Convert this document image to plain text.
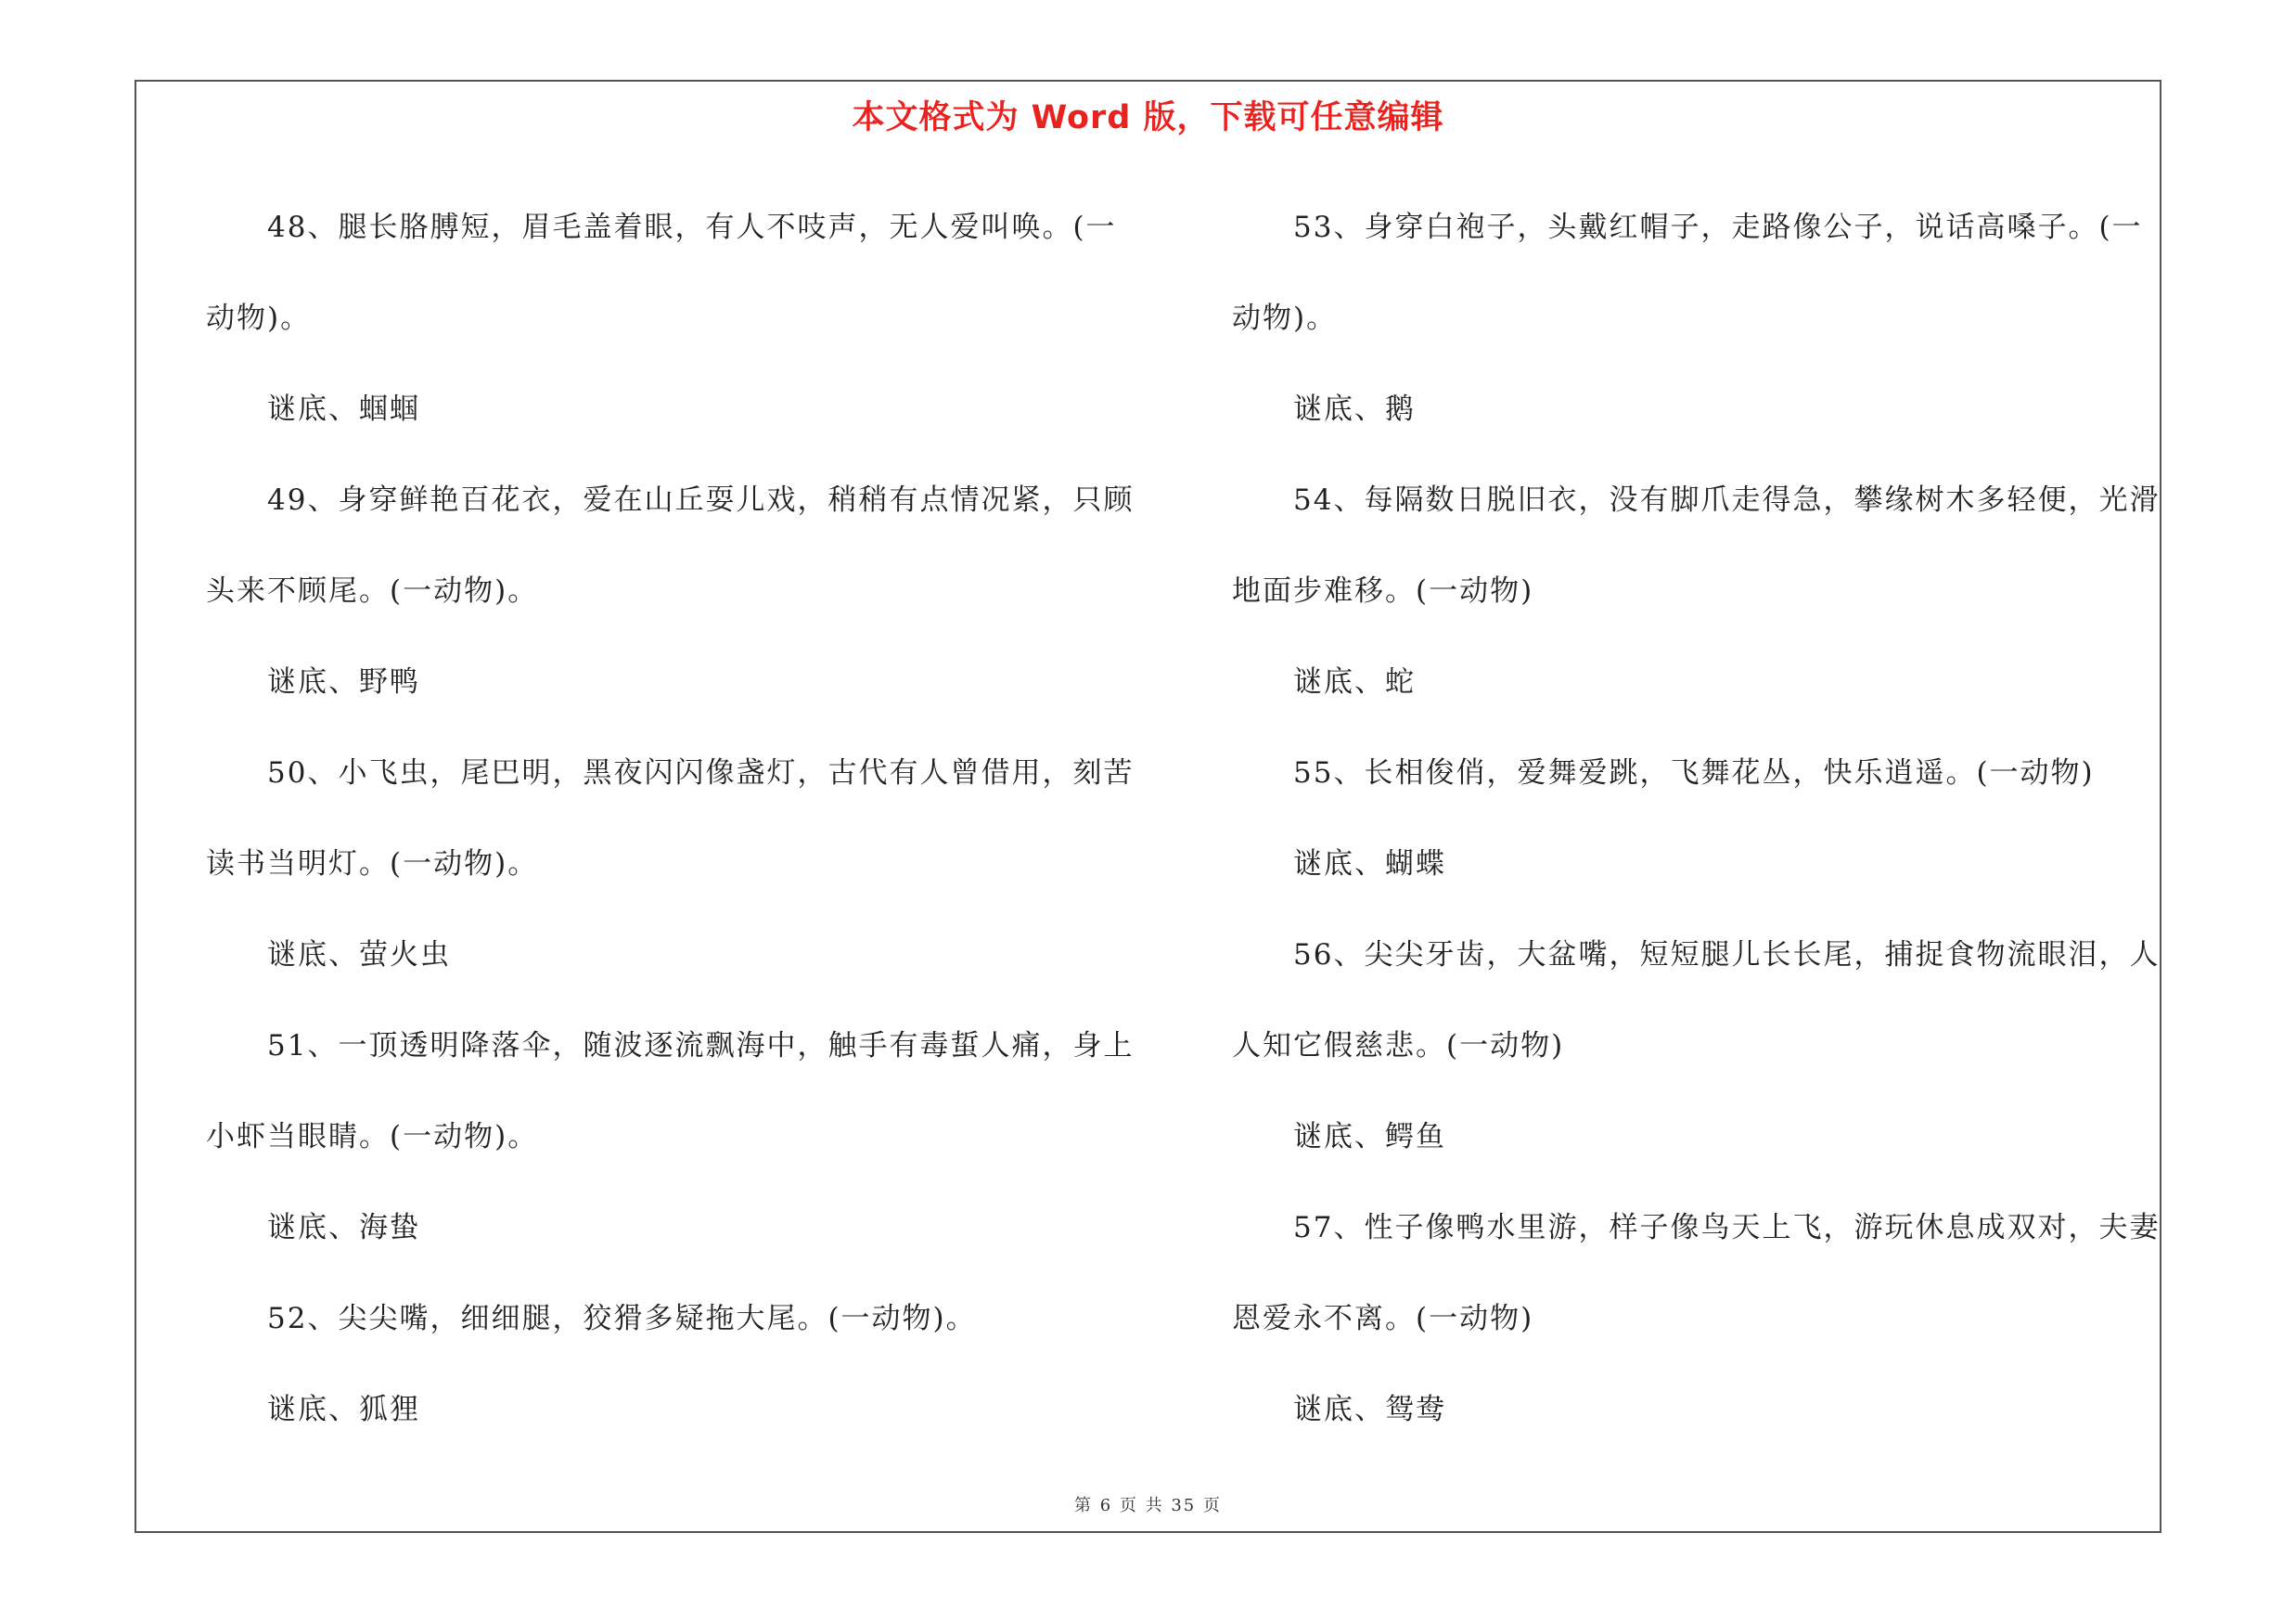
本文格式为 Word 版，下载可任意编辑
48、腿长胳膊短，眉毛盖着眼，有人不吱声，无人爱叫唤。(一
动物)。
谜底、蝈蝈
49、身穿鲜艳百花衣，爱在山丘耍儿戏，稍稍有点情况紧，只顾
头来不顾尾。(一动物)。
谜底、野鸭
50、小飞虫，尾巴明，黑夜闪闪像盏灯，古代有人曾借用，刻苦
读书当明灯。(一动物)。
谜底、萤火虫
51、一顶透明降落伞，随波逐流飘海中，触手有毒蜇人痛，身上
小虾当眼睛。(一动物)。
谜底、海蛰
52、尖尖嘴，细细腿，狡猾多疑拖大尾。(一动物)。
谜底、狐狸
53、身穿白袍子，头戴红帽子，走路像公子，说话高嗓子。(一
动物)。
谜底、鹅
54、每隔数日脱旧衣，没有脚爪走得急，攀缘树木多轻便，光滑
地面步难移。(一动物)
谜底、蛇
55、长相俊俏，爱舞爱跳，飞舞花丛，快乐逍遥。(一动物)
谜底、蝴蝶
56、尖尖牙齿，大盆嘴，短短腿儿长长尾，捕捉食物流眼泪，人
人知它假慈悲。(一动物)
谜底、鳄鱼
57、性子像鸭水里游，样子像鸟天上飞，游玩休息成双对，夫妻
恩爱永不离。(一动物)
谜底、鸳鸯
第 6 页 共 35 页
